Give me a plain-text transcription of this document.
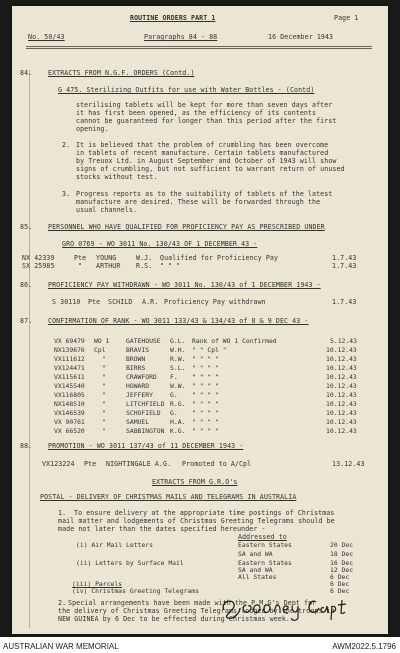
ROUTINE ORDERS PART 1	Page 1
No. 50/43	Paragraphs 84 - 88	16 December 1943
84. EXTRACTS FROM N.G.F. ORDERS (Contd.)
G 475. Sterilizing Outfits for use with Water Bottles - (Contd)
sterilising tablets will be kept for more than seven days after
it has first been opened, as the efficiency of its contents
cannot be guaranteed for longer than this period after the first
opening.
2. It is believed that the problem of crumbling has been overcome
in tablets of recent manufacture. Certain tablets manufactured
by Treuox Ltd. in August September and October of 1943 will show
signs of crumbling, but not sufficient to warrant return of unused
stocks without test.
3. Progress reports as to the suitability of tablets of the latest
manufacture are desired. These will be forwarded through the
usual channels.
85. PERSONNEL WHO HAVE QUALIFIED FOR PROFICIENCY PAY AS PRESCRIBED UNDER
GRO 0769 - WO 3011 No. 130/43 OF 1 DECEMBER 43 -
NX 42339	Pte YOUNG	W.J. Qualified for Proficiency Pay	1.7.43
SX 25985	" ARTHUR R.S. " " "	1.7.43
86. PROFICIENCY PAY WITHDRAWN - WO 3011 No. 130/43 of 1 DECEMBER 1943 -
S 30110 Pte SCHILD A.R. Proficiency Pay withdrawn	1.7.43
87. CONFIRMATION OF RANK - WO 3011 133/43 & 134/43 of 8 & 9 DEC 43 -
VX 69479 WO 1	GATEHOUSE G.L. Rank of WO 1 Confirmed	5.12.43
NX139676 Cpl	BRAVIS	W.H. " " Cpl "	10.12.43
VX111612	"	BROWN	R.W. " " " "	10.12.43
VX124471	"	BIRRS	S.L. " " " "	10.12.43
VX115611	"	CRAWFORD F. " " " "	10.12.43
VX145540	"	HOWARD	W.W. " " " "	10.12.43
VX116805	"	JEFFERY	G. " " " "	10.12.43
NX148510	"	LITCHFIELD R.G. " " " "	10.12.43
VX146539	"	SCHOFIELD G. " " " "	10.12.43
VX 90761	"	SAMUEL	H.A. " " " "	10.12.43
VX 66520	"	SABBINGTON K.G. " " " "	10.12.43
88. PROMOTION - WO 3011 137/43 of 11 DECEMBER 1943 -
VX123224 Pte NIGHTINGALE A.G. Promoted to A/Cpl	13.12.43
EXTRACTS FROM G.R.O's
POSTAL - DELIVERY OF CHRISTMAS MAILS AND TELEGRAMS IN AUSTRALIA
1. To ensure delivery at the appropriate time postings of Christmas
mail matter and lodgements of Christmas Greeting Telegrams should be
made not later than the dates specified hereunder -
Addressed to
(i) Air Mail Letters	Eastern States	20 Dec
SA and WA	18 Dec
(ii) Letters by Surface Mail	Eastern States	16 Dec
SA and WA	12 Dec
All States	6 Dec
(iii) Parcels	6 Dec
(iv) Christmas Greeting Telegrams	6 Dec
2. Special arrangements have been made with the P.M.G's Dept for
the delivery of Christmas Greeting Telegrams lodged by the troops in
NEW GUINEA by 6 Dec to be effected during Christmas week.
AUSTRALIAN WAR MEMORIAL	AWM2022.5.1796
